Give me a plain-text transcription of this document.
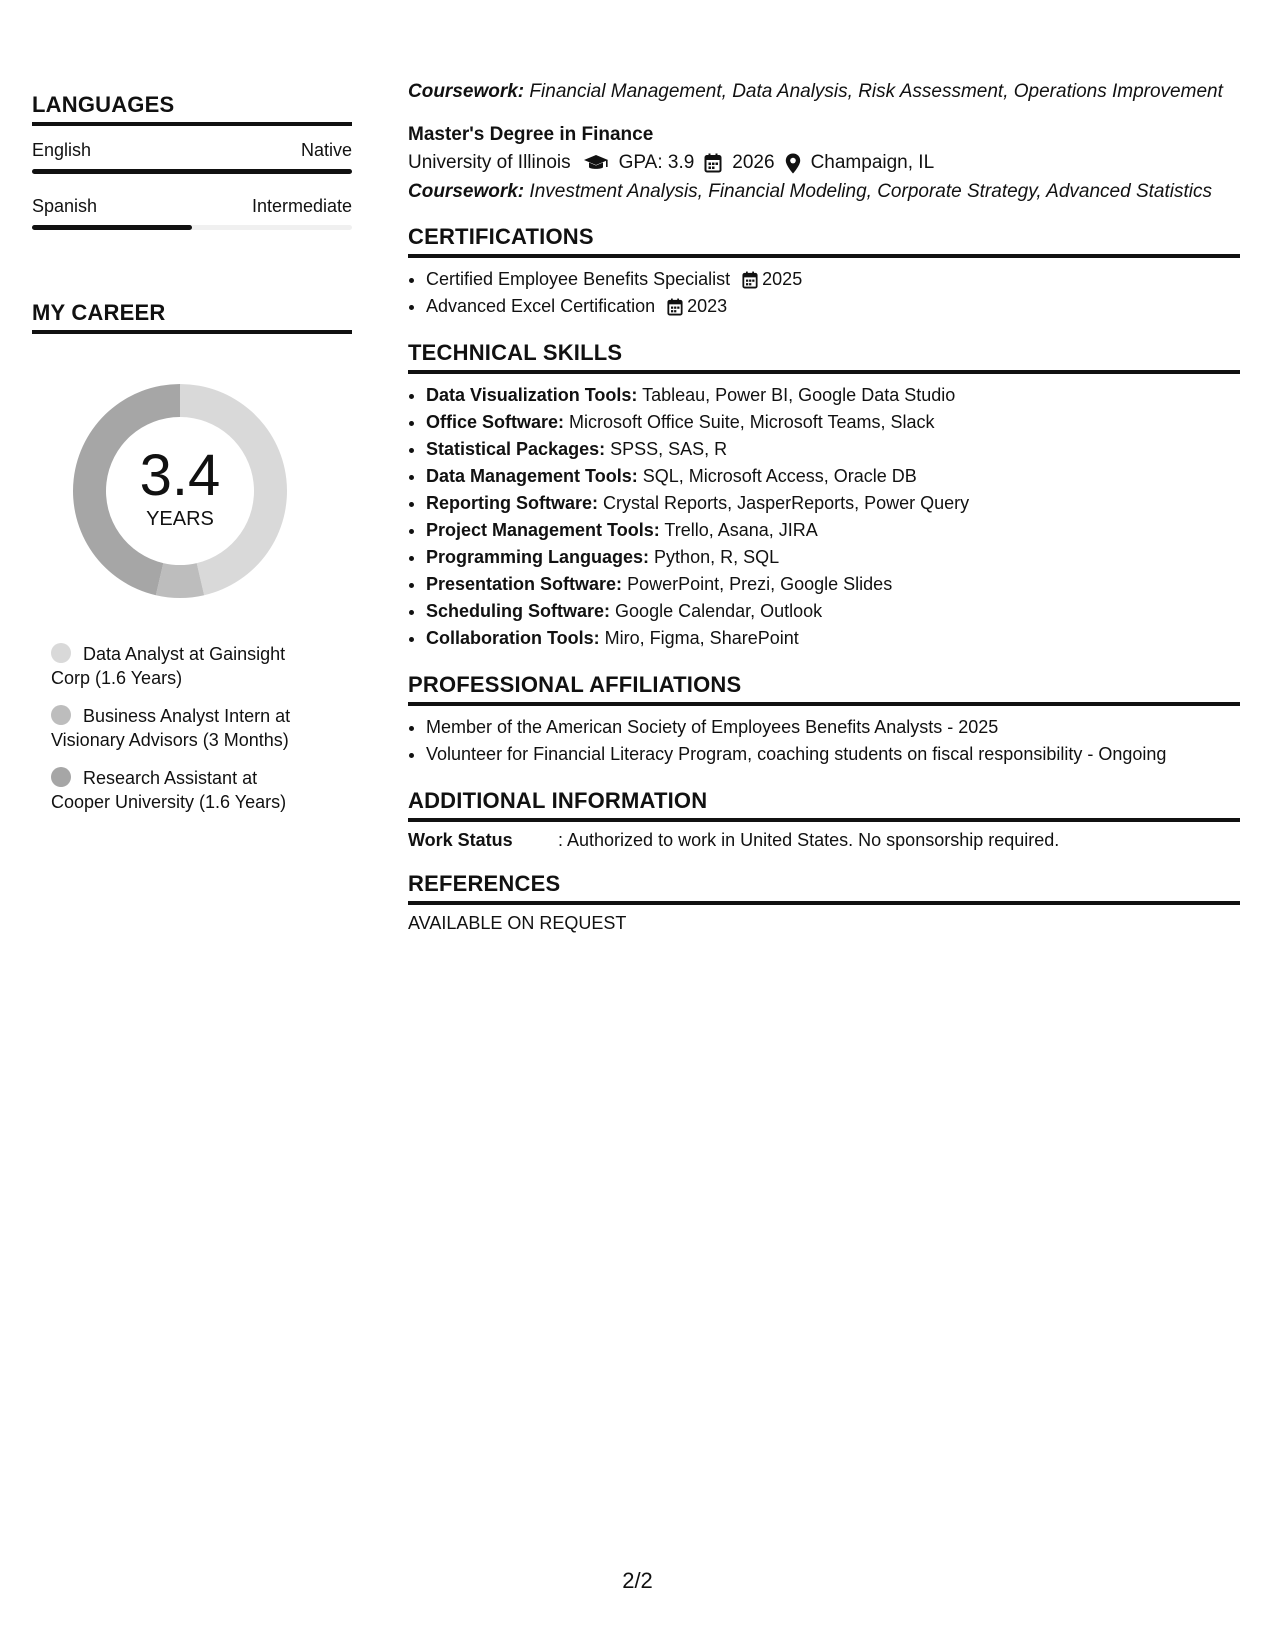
LANGUAGES
English	Native
Spanish	Intermediate
MY CAREER
3.4
YEARS
Data Analyst at Gainsight Corp (1.6 Years)
Business Analyst Intern at Visionary Advisors (3 Months)
Research Assistant at Cooper University (1.6 Years)
Coursework: Financial Management, Data Analysis, Risk Assessment, Operations Improvement
Master's Degree in Finance
University of Illinois	GPA: 3.9 2026 Champaign, IL
Coursework: Investment Analysis, Financial Modeling, Corporate Strategy, Advanced Statistics
CERTIFICATIONS
• Certified Employee Benefits Specialist 2025
• Advanced Excel Certification 2023
TECHNICAL SKILLS
• Data Visualization Tools: Tableau, Power BI, Google Data Studio
• Office Software: Microsoft Office Suite, Microsoft Teams, Slack
• Statistical Packages: SPSS, SAS, R
• Data Management Tools: SQL, Microsoft Access, Oracle DB
• Reporting Software: Crystal Reports, JasperReports, Power Query
• Project Management Tools: Trello, Asana, JIRA
• Programming Languages: Python, R, SQL
• Presentation Software: PowerPoint, Prezi, Google Slides
• Scheduling Software: Google Calendar, Outlook
• Collaboration Tools: Miro, Figma, SharePoint
PROFESSIONAL AFFILIATIONS
• Member of the American Society of Employees Benefits Analysts - 2025
• Volunteer for Financial Literacy Program, coaching students on fiscal responsibility - Ongoing
ADDITIONAL INFORMATION
Work Status	: Authorized to work in United States. No sponsorship required.
REFERENCES
AVAILABLE ON REQUEST
2/2
